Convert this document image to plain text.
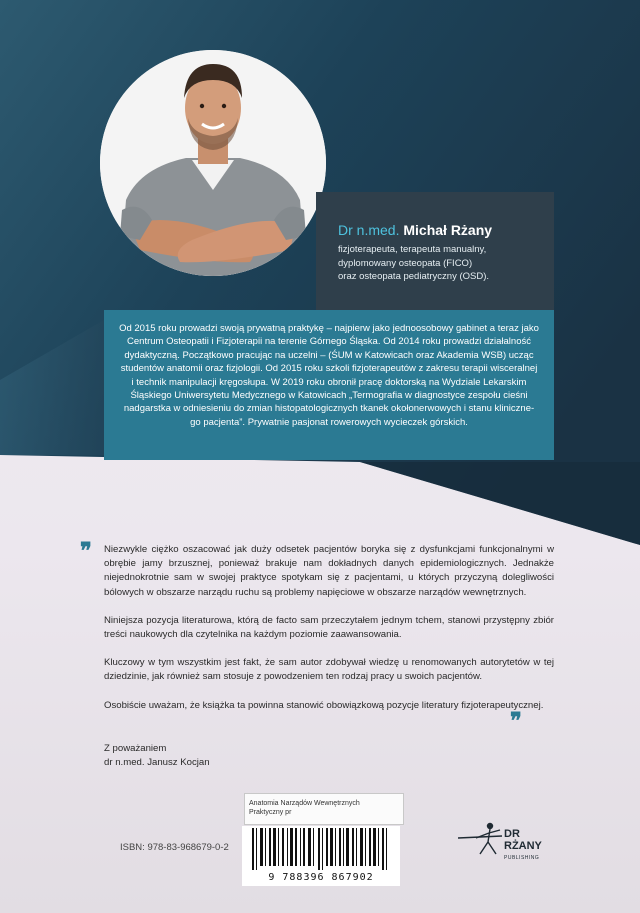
Dr n.med. Michał Rżany
fizjoterapeuta, terapeuta manualny,
dyplomowany osteopata (FICO)
oraz osteopata pediatryczny (OSD).
Od 2015 roku prowadzi swoją prywatną praktykę – najpierw jako jednoosobowy gabinet a teraz jako
Centrum Osteopatii i Fizjoterapii na terenie Górnego Śląska. Od 2014 roku prowadzi działalność
dydaktyczną. Początkowo pracując na uczelni – (ŚUM w Katowicach oraz Akademia WSB) ucząc
studentów anatomii oraz fizjologii. Od 2015 roku szkoli fizjoterapeutów z zakresu terapii wisceralnej
i technik manipulacji kręgosłupa. W 2019 roku obronił pracę doktorską na Wydziale Lekarskim
Śląskiego Uniwersytetu Medycznego w Katowicach „Termografia w diagnostyce zespołu cieśni
nadgarstka w odniesieniu do zmian histopatologicznych tkanek okołonerwowych i stanu kliniczne-
go pacjenta”. Prywatnie pasjonat rowerowych wycieczek górskich.
❞ Niezwykle ciężko oszacować jak duży odsetek pacjentów boryka się z dysfunkcjami funkcjonalnymi w obrębie jamy brzusznej, ponieważ brakuje nam dokładnych danych epidemiologicznych. Jednakże niejednokrotnie sam w swojej praktyce spotykam się z pacjentami, u których przyczyną dolegliwości bólowych w obszarze narządu ruchu są problemy napięciowe w obszarze narządów wewnętrznych.

Niniejsza pozycja literaturowa, którą de facto sam przeczytałem jednym tchem, stanowi przystępny zbiór treści naukowych dla czytelnika na każdym poziomie zaawansowania.

Kluczowy w tym wszystkim jest fakt, że sam autor zdobywał wiedzę u renomowanych autorytetów w tej dziedzinie, jak również sam stosuje z powodzeniem ten rodzaj pracy u swoich pacjentów.

Osobiście uważam, że książka ta powinna stanowić obowiązkową pozycje literatury fizjoterapeutycznej.

❞
Z poważaniem
dr n.med. Janusz Kocjan
Anatomia Narządów Wewnętrznych
Praktyczny pr
ISBN: 978-83-968679-0-2
9 788396 867902
DR
RŻANY
PUBLISHING
